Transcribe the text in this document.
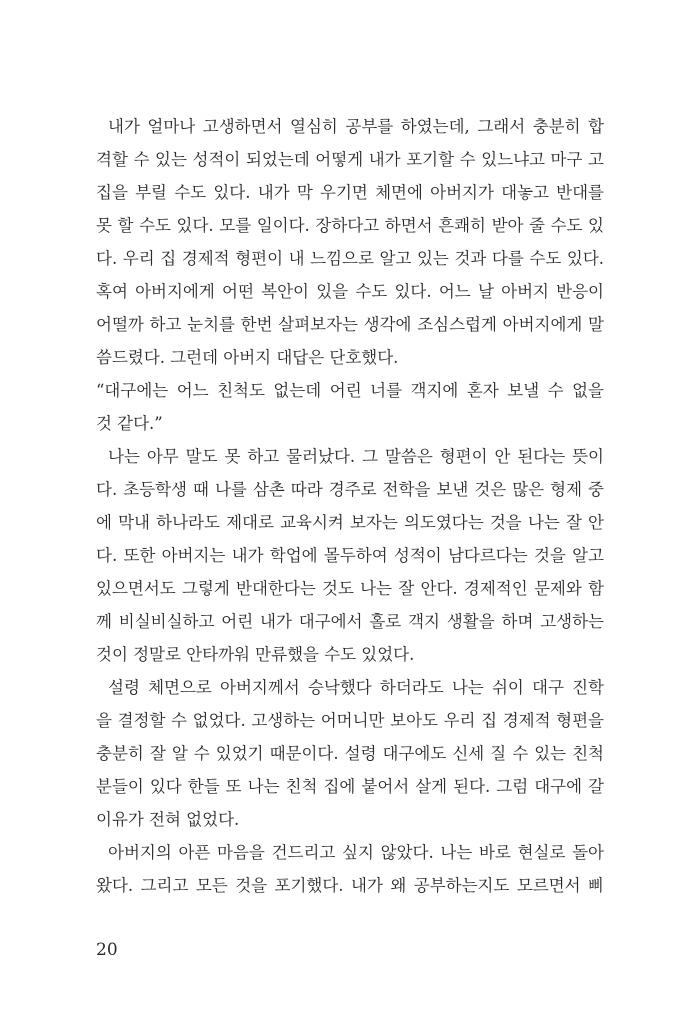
내가 얼마나 고생하면서 열심히 공부를 하였는데, 그래서 충분히 합
격할 수 있는 성적이 되었는데 어떻게 내가 포기할 수 있느냐고 마구 고
집을 부릴 수도 있다. 내가 막 우기면 체면에 아버지가 대놓고 반대를
못 할 수도 있다. 모를 일이다. 장하다고 하면서 흔쾌히 받아 줄 수도 있
다. 우리 집 경제적 형편이 내 느낌으로 알고 있는 것과 다를 수도 있다.
혹여 아버지에게 어떤 복안이 있을 수도 있다. 어느 날 아버지 반응이
어떨까 하고 눈치를 한번 살펴보자는 생각에 조심스럽게 아버지에게 말
씀드렸다. 그런데 아버지 대답은 단호했다.
“대구에는 어느 친척도 없는데 어린 너를 객지에 혼자 보낼 수 없을
것 같다.”
나는 아무 말도 못 하고 물러났다. 그 말씀은 형편이 안 된다는 뜻이
다. 초등학생 때 나를 삼촌 따라 경주로 전학을 보낸 것은 많은 형제 중
에 막내 하나라도 제대로 교육시켜 보자는 의도였다는 것을 나는 잘 안
다. 또한 아버지는 내가 학업에 몰두하여 성적이 남다르다는 것을 알고
있으면서도 그렇게 반대한다는 것도 나는 잘 안다. 경제적인 문제와 함
께 비실비실하고 어린 내가 대구에서 홀로 객지 생활을 하며 고생하는
것이 정말로 안타까워 만류했을 수도 있었다.
설령 체면으로 아버지께서 승낙했다 하더라도 나는 쉬이 대구 진학
을 결정할 수 없었다. 고생하는 어머니만 보아도 우리 집 경제적 형편을
충분히 잘 알 수 있었기 때문이다. 설령 대구에도 신세 질 수 있는 친척
분들이 있다 한들 또 나는 친척 집에 붙어서 살게 된다. 그럼 대구에 갈
이유가 전혀 없었다.
아버지의 아픈 마음을 건드리고 싶지 않았다. 나는 바로 현실로 돌아
왔다. 그리고 모든 것을 포기했다. 내가 왜 공부하는지도 모르면서 삐
20
